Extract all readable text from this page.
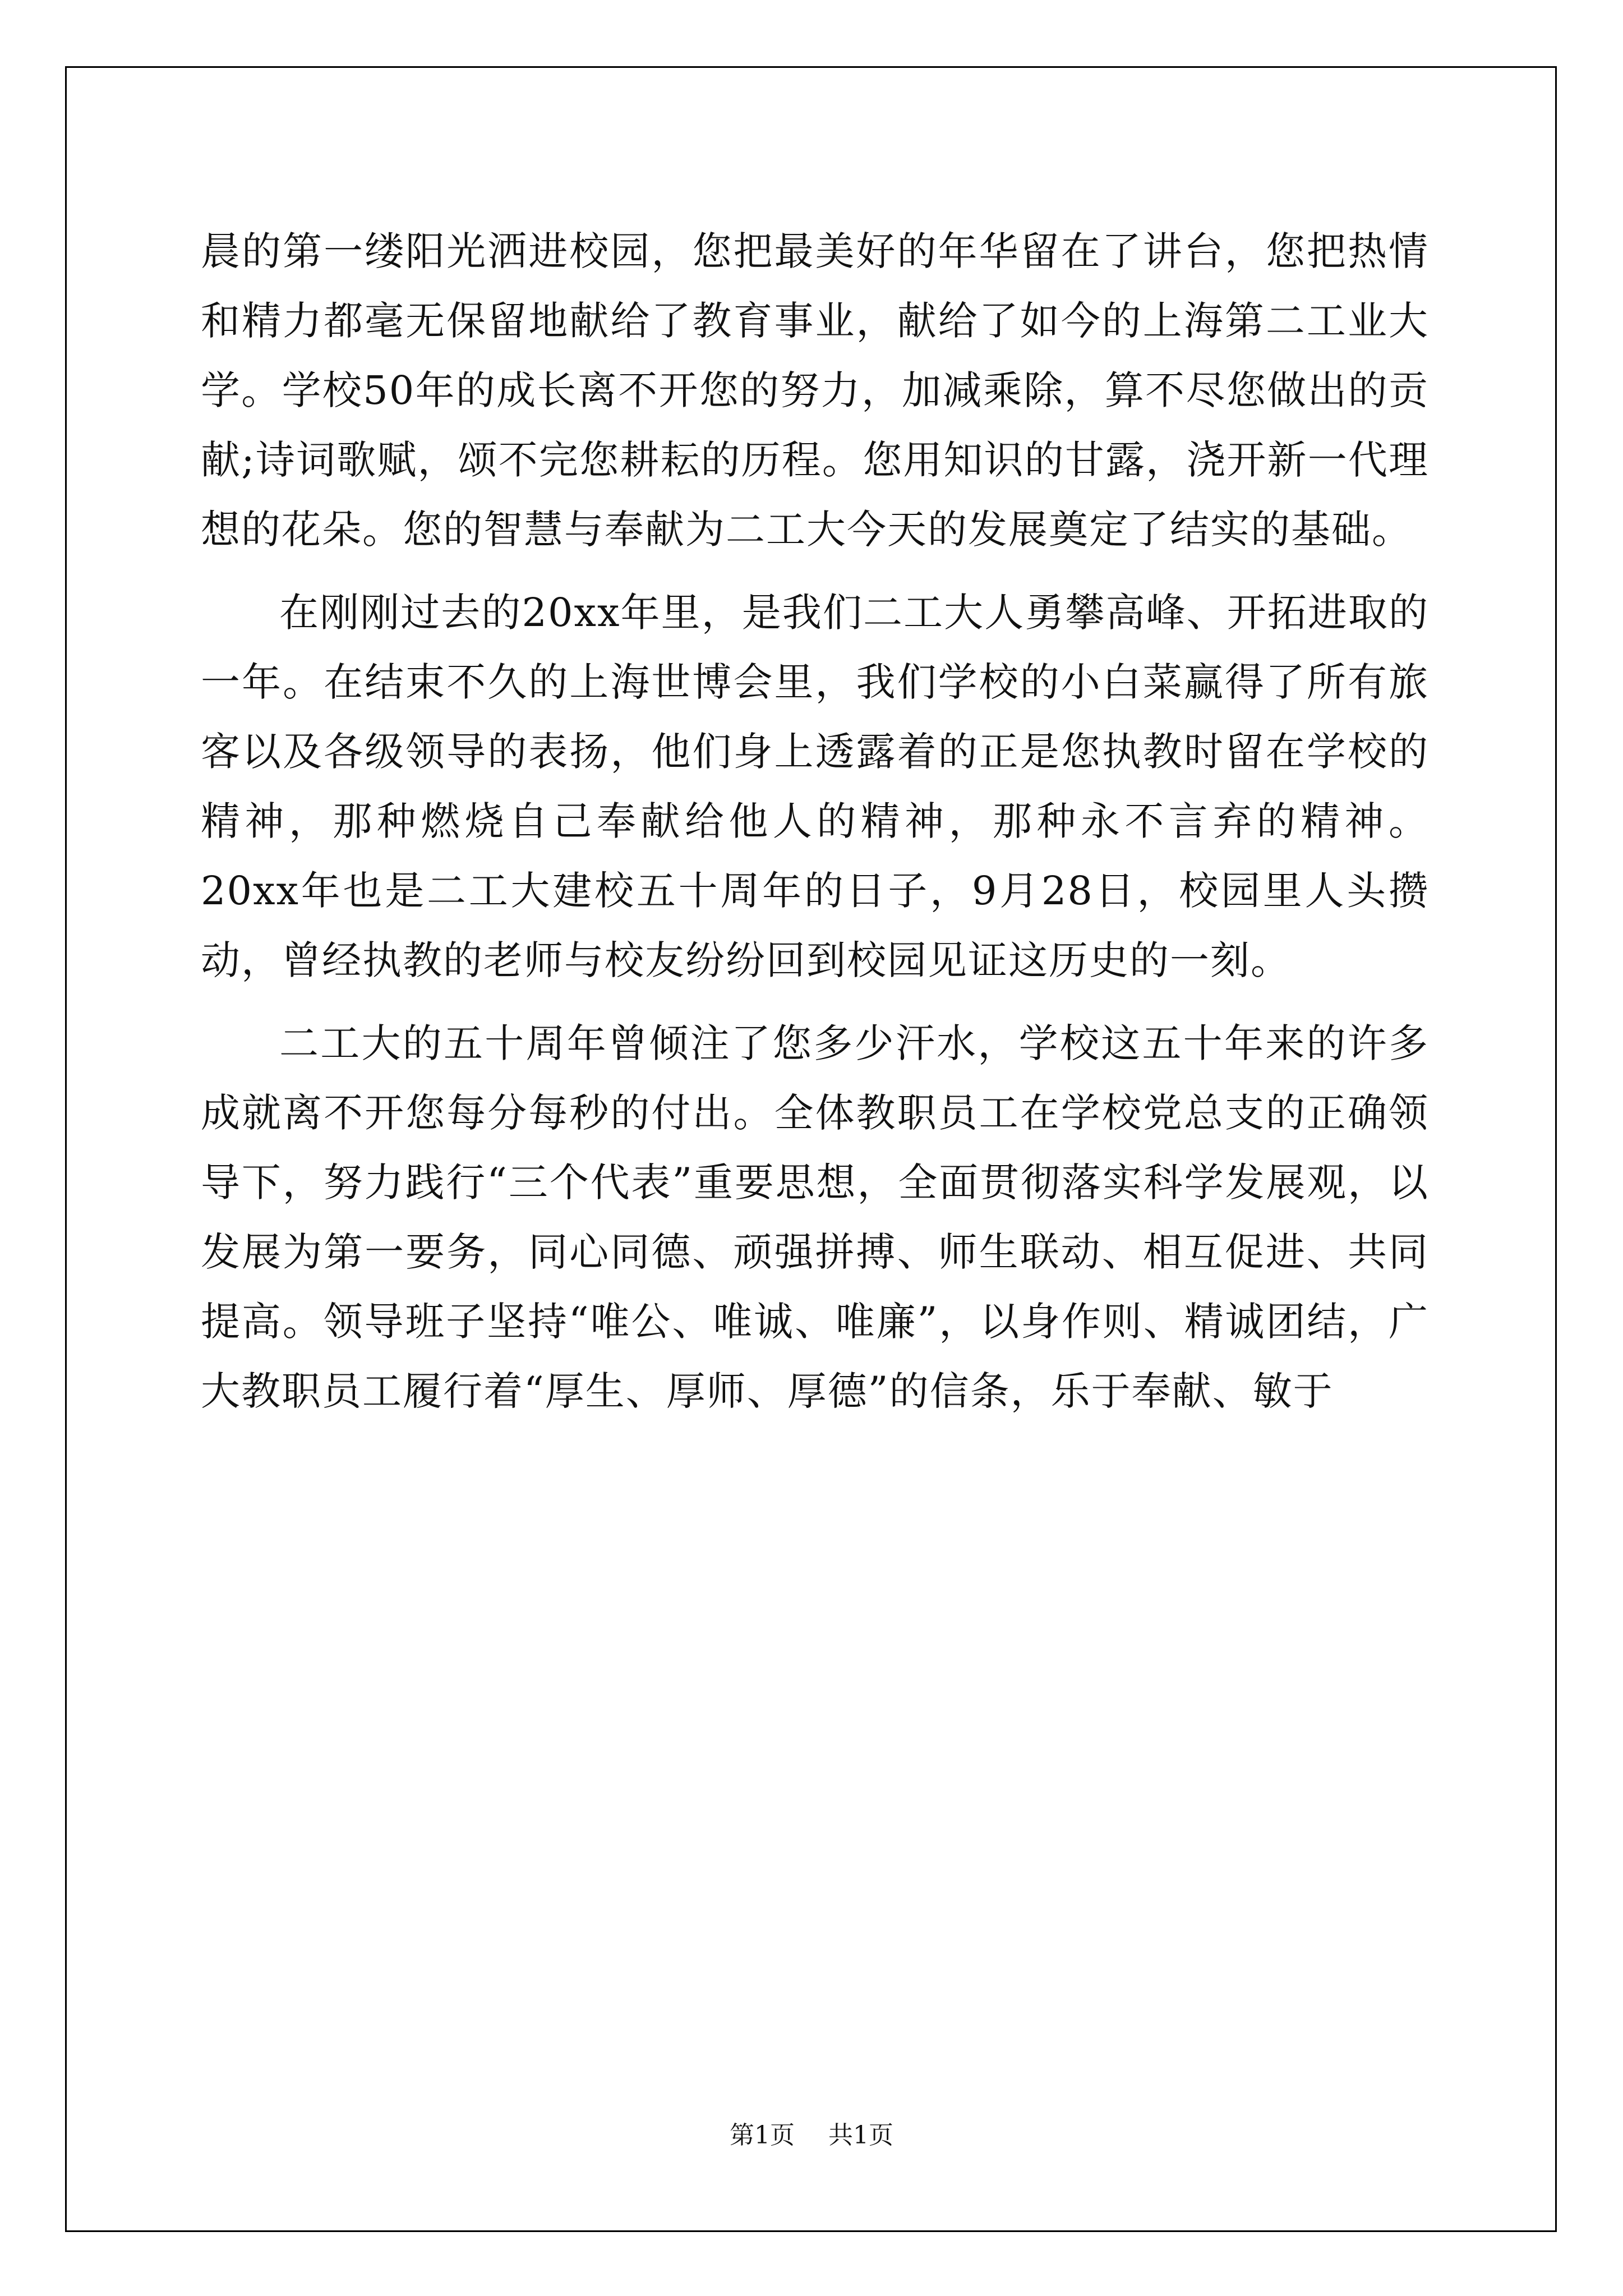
晨的第一缕阳光洒进校园，您把最美好的年华留在了讲台，您把热情和精力都毫无保留地献给了教育事业，献给了如今的上海第二工业大学。学校50年的成长离不开您的努力，加减乘除，算不尽您做出的贡献;诗词歌赋，颂不完您耕耘的历程。您用知识的甘露，浇开新一代理想的花朵。您的智慧与奉献为二工大今天的发展奠定了结实的基础。

在刚刚过去的20xx年里，是我们二工大人勇攀高峰、开拓进取的一年。在结束不久的上海世博会里，我们学校的小白菜赢得了所有旅客以及各级领导的表扬，他们身上透露着的正是您执教时留在学校的精神，那种燃烧自己奉献给他人的精神，那种永不言弃的精神。20xx年也是二工大建校五十周年的日子，9月28日，校园里人头攒动，曾经执教的老师与校友纷纷回到校园见证这历史的一刻。

二工大的五十周年曾倾注了您多少汗水，学校这五十年来的许多成就离不开您每分每秒的付出。全体教职员工在学校党总支的正确领导下，努力践行“三个代表”重要思想，全面贯彻落实科学发展观，以发展为第一要务，同心同德、顽强拼搏、师生联动、相互促进、共同提高。领导班子坚持“唯公、唯诚、唯廉”，以身作则、精诚团结，广大教职员工履行着“厚生、厚师、厚德”的信条，乐于奉献、敏于

第1页 共1页
